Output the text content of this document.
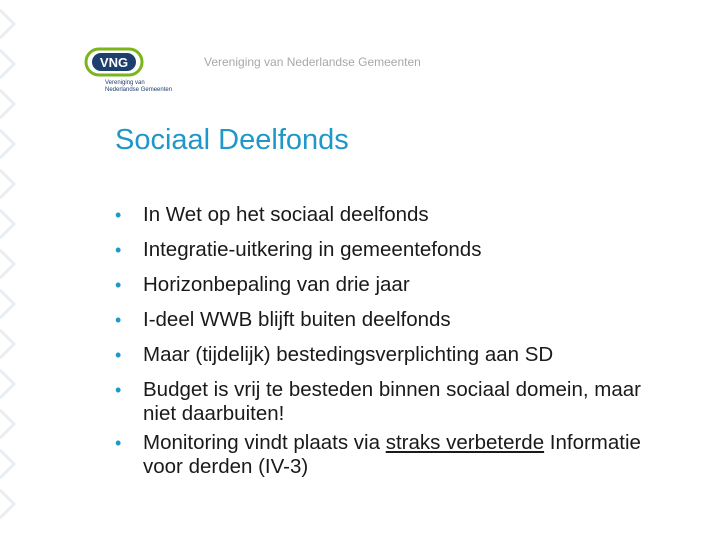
VNG
Vereniging van
Nederlandse Gemeenten
Vereniging van Nederlandse Gemeenten
Sociaal Deelfonds
• In Wet op het sociaal deelfonds
• Integratie-uitkering in gemeentefonds
• Horizonbepaling van drie jaar
• I-deel WWB blijft buiten deelfonds
• Maar (tijdelijk) bestedingsverplichting aan SD
• Budget is vrij te besteden binnen sociaal domein, maar niet daarbuiten!
• Monitoring vindt plaats via straks verbeterde Informatie voor derden (IV-3)
